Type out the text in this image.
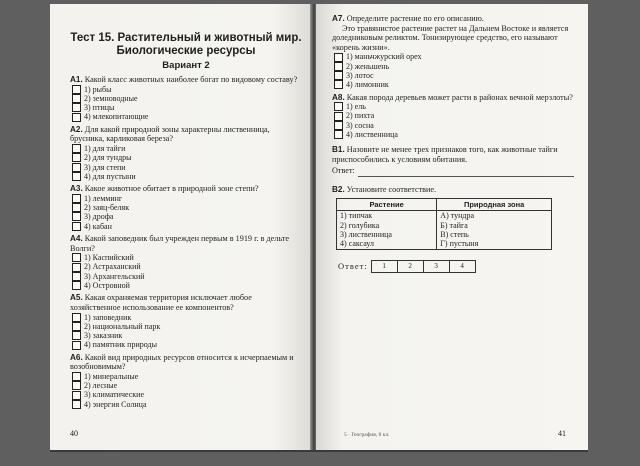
Тест 15. Растительный и животный мир.
Биологические ресурсы
Вариант 2

А1. Какой класс животных наиболее богат по видовому составу?

1) рыбы
2) земноводные
3) птицы
4) млекопитающие

А2. Для какой природной зоны характерны лиственница, брусника, карликовая береза?

1) для тайги
2) для тундры
3) для степи
4) для пустыни

А3. Какое животное обитает в природной зоне степи?

1) лемминг
2) заяц-беляк
3) дрофа
4) кабан

А4. Какой заповедник был учрежден первым в 1919 г. в дельте Волги?

1) Каспийский
2) Астраханский
3) Архангельский
4) Островной

А5. Какая охраняемая территория исключает любое хозяйственное использование ее компонентов?

1) заповедник
2) национальный парк
3) заказник
4) памятник природы

А6. Какой вид природных ресурсов относится к исчерпаемым и возобновимым?

1) минеральные
2) лесные
3) климатические
4) энергия Солнца
40

А7. Определите растение по его описанию.

Это травянистое растение растет на Дальнем Востоке и является доледниковым реликтом. Тонизирующее средство, его называют «корень жизни».

1) маньчжурский орех
2) женьшень
3) лотос
4) лимонник

А8. Какая порода деревьев может расти в районах вечной мерзлоты?

1) ель
2) пихта
3) сосна
4) лиственница

В1. Назовите не менее трех признаков того, как животные тайги приспособились к условиям обитания.

Ответ:

В2. Установите соответствие.

Растение	Природная зона
1) типчак	А) тундра
2) голубика	Б) тайга
3) лиственница	В) степь
4) саксаул	Г) пустыня
Ответ:	1	2	3	4
5 · География, 8 кл.	41
